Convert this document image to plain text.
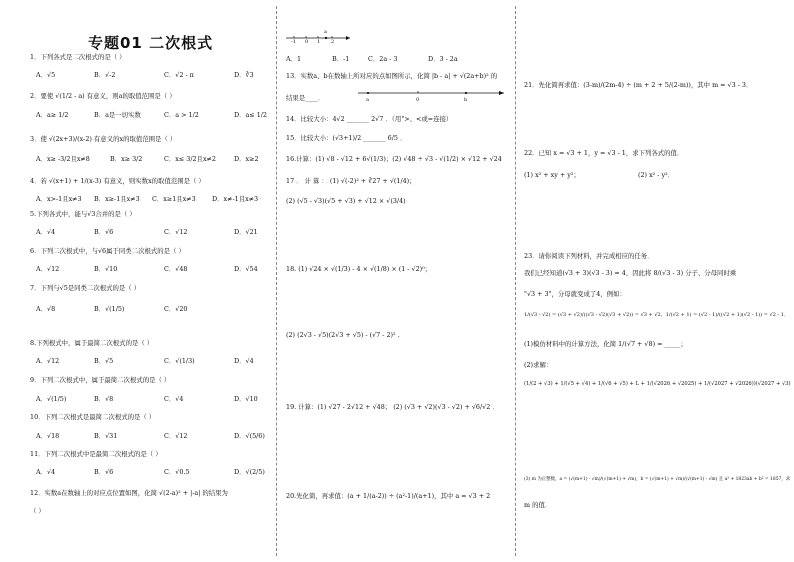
专题01 二次根式
1．下列各式是二次根式的是（ ）
A．√5	B．√-2	C．√2 - π	D．∛3
2．要使 √(1/2 - a) 有意义，则a的取值范围是（ ）
A．a≥ 1/2	B．a是一切实数	C．a > 1/2	D．a≤ 1/2
3．使 √(2x+3)/(x-2) 有意义的x的取值范围是（ ）
A．x≥ -3/2且x≠8	B．x≥ 3/2	C．x≤ 3/2且x≠2	D．x≥2
4．若 √(x+1) + 1/(x-3) 有意义，则实数x的取值范围是（ ）
A．x>-1且x≠3 B．x≥-1且x≠3 C．x≥1且x≠3	D．x≠-1且x≠3
5.下列各式中，能与√3合并的是（ ）
A．√4	B．√6	C．√12	D．√21
6．下列二次根式中，与√6属于同类二次根式的是（ ）
A．√12	B．√10	C．√48	D．√54
7．下列与√5是同类二次根式的是（ ）
A．√8	B．√(1/5)	C．√20
8.下列根式中，属于最简二次根式的是（ ）
A．√12	B．√5	C．√(1/3)	D．√4
9．下列二次根式中，属于最简二次根式的是（ ）
A．√(1/5)	B．√8	C．√4	D．√10
10．下列二次根式是最简二次根式的是（ ）
A．√18	B．√31	C．√12	D．√(5/6)
11．下列二次根式中是最简二次根式的是（ ）
A．√4	B．√6	C．√0.5	D．√(2/5)
12．实数a在数轴上的对应点位置如图，化简 √(2-a)² + |-a| 的结果为
（ ）
-1 0 1
a
2
A．1	B．-1	C．2a - 3	D．3 - 2a
13．实数a、b在数轴上所对应的点如图所示，化简 |b - a| + √(2a+b)² 的
结果是____．	a	0	b
14．比较大小：4√2 _______ 2√7 ．（用">、<或=连接）
15．比较大小：(√3+1)/2 _______ 6/5 ．
16.计算：(1) √8 - √12 + 6√(1/3)；(2) √48 ÷ √3 - √(1/2) × √12 + √24
17 ． 计 算 ： (1) √(-2)² + ∛27 + √(1/4)；
(2) (√5 - √3)(√5 + √3) + √12 × √(3/4)
18. (1) √24 × √(1/3) - 4 × √(1/8) × (1 - √2)⁰；
(2) (2√3 - √5)(2√3 + √5) - (√7 - 2)² .
19. 计算：(1) √27 - 2√12 + √48； (2) (√3 + √2)(√3 - √2) + √6/√2 ．
20.先化简，再求值：(a + 1/(a-2)) ÷ (a²-1)/(a+1)，其中 a = √3 + 2
21．先化简再求值：(3-m)/(2m-4) ÷ (m + 2 + 5/(2-m))，其中 m = √3 - 3．
22．已知 x = √3 + 1，y = √3 - 1，求下列各式的值．
(1) x² + xy + y²；	(2) x² - y²．
23．请你阅读下列材料，并完成相应的任务．
我们已经知道(√3 + 3)(√3 - 3) = 4，因此将 8/(√3 - 3) 分子、分母同时乘
"√3 + 3"，分母就变成了4，例如：
1/(√3 - √2) = (√3 + √2)/((√3 - √2)(√3 + √2)) = √3 + √2，1/(√2 + 1) = (√2 - 1)/((√2 + 1)(√2 - 1)) = √2 - 1．
(1)模仿材料中的计算方法，化简 1/(√7 + √8) = _____；
(2)求解：
(1/(2 + √3) + 1/(√5 + √4) + 1/(√6 + √5) + L + 1/(√2026 + √2025) + 1/(√2027 + √2026))(√2027 + √3)
(3) m 为正整数，a = (√(m+1) - √m)/(√(m+1) + √m)，b = (√(m+1) + √m)/(√(m+1) - √m) 且 a² + 1823ab + b² = 1857，求
m 的值．
